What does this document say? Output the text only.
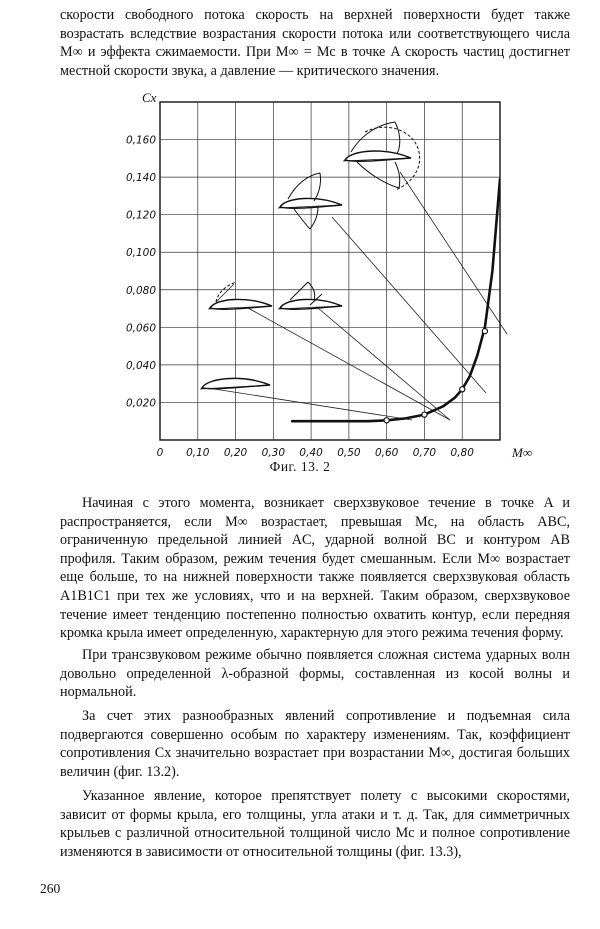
скорости свободного потока скорость на верхней поверхности будет также возрастать вследствие возрастания скорости потока или соответствующего числа M∞ и эффекта сжимаемости. При M∞ = Mc в точке A скорость частиц достигнет местной скорости звука, а давление — критического значения.

0,020
0,040
0,060
0,080
0,100
0,120
0,140
0,160
0 0,10 0,20 0,30 0,40 0,50 0,60 0,70 0,80
Cx
M∞
Фиг. 13. 2

Начиная с этого момента, возникает сверхзвуковое течение в точке A и распространяется, если M∞ возрастает, превышая Mc, на область ABC, ограниченную предельной линией AC, ударной волной BC и контуром AB профиля. Таким образом, режим течения будет смешанным. Если M∞ возрастает еще больше, то на нижней поверхности также появляется сверхзвуковая область A1B1C1 при тех же условиях, что и на верхней. Таким образом, сверхзвуковое течение имеет тенденцию постепенно полностью охватить контур, если передняя кромка крыла имеет определенную, характерную для этого режима течения форму.

При трансзвуковом режиме обычно появляется сложная система ударных волн довольно определенной λ-образной формы, составленная из косой волны и нормальной.

За счет этих разнообразных явлений сопротивление и подъемная сила подвергаются совершенно особым по характеру изменениям. Так, коэффициент сопротивления Cx значительно возрастает при возрастании M∞, достигая больших величин (фиг. 13.2).

Указанное явление, которое препятствует полету с высокими скоростями, зависит от формы крыла, его толщины, угла атаки и т. д. Так, для симметричных крыльев с различной относительной толщиной число Mc и полное сопротивление изменяются в зависимости от относительной толщины (фиг. 13.3),

260
